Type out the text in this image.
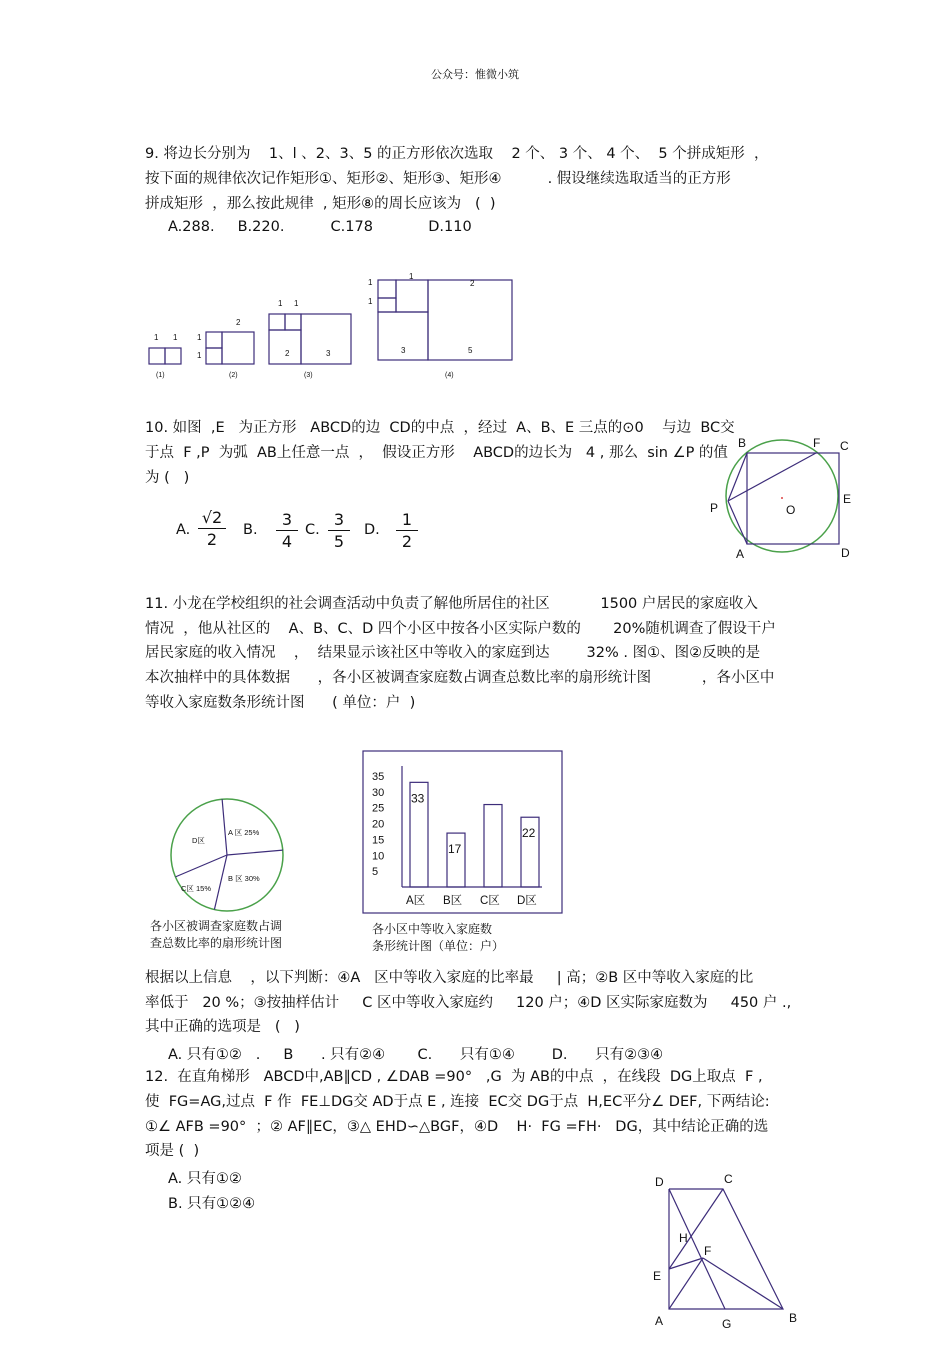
公众号：惟微小筑
9. 将边长分别为    1、l 、2、3、5 的正方形依次选取    2 个、 3 个、 4 个、  5 个拼成矩形  ，
按下面的规律依次记作矩形①、矩形②、矩形③、矩形④          . 假设继续选取适当的正方形
拼成矩形  ，那么按此规律  , 矩形⑧的周长应该为   (  )
A.288.     B.220.          C.178            D.110
1 1 1
1
2
1 1
2	3
1
1
1
2
3	5
(1)	(2)	(3)	(4)
10. 如图  ,E   为正方形   ABCD的边  CD的中点  ，经过  A、B、E 三点的⊙0    与边  BC交
于点  F ,P  为弧  AB上任意一点  ，  假设正方形    ABCD的边长为   4 , 那么  sin ∠P 的值
为 (   )
A. $\frac{√2}{2} B$. $\frac{3}{4} C$. $\frac{3}{5} D$. $\frac{1}{2}$
B	F C
P	O
E
A	D
11. 小龙在学校组织的社会调查活动中负责了解他所居住的社区           1500 户居民的家庭收入
情况  ，他从社区的    A、B、C、D 四个小区中按各小区实际户数的       20%随机调查了假设干户
居民家庭的收入情况    ，  结果显示该社区中等收入的家庭到达        32% . 图①、图②反映的是
本次抽样中的具体数据      ，各小区被调查家庭数占调查总数比率的扇形统计图           ，各小区中
等收入家庭数条形统计图      ( 单位：户  )
A 区 25%
D区
B 区 30%
C区 15%
各小区被调查家庭数占调
查总数比率的扇形统计图
5
10
15
20
25
30
35
33
A区
17
B区 C区
22
D区
各小区中等收入家庭数
条形统计图（单位：户）
根据以上信息    ，以下判断：④A   区中等收入家庭的比率最     | 高；②B 区中等收入家庭的比
率低于   20 %；③按抽样估计     C 区中等收入家庭约     120 户；④D 区实际家庭数为     450 户 .,
其中正确的选项是   (   )
A. 只有①②   .     B      . 只有②④       C.      只有①④        D.      只有②③④
12.  在直角梯形   ABCD中,AB∥CD , ∠DAB =90°   ,G  为 AB的中点  ，在线段  DG上取点  F ,
使  FG=AG,过点  F 作  FE⊥DG交 AD于点 E , 连接  EC交 DG于点  H,EC平分∠ DEF, 下两结论:
①∠ AFB =90°  ；② AF∥EC，③△ EHD∽△BGF，④D    H·  FG =FH·   DG，其中结论正确的选
项是 (  )
A. 只有①②
B. 只有①②④
D	C
H
F
E
A	G	B
